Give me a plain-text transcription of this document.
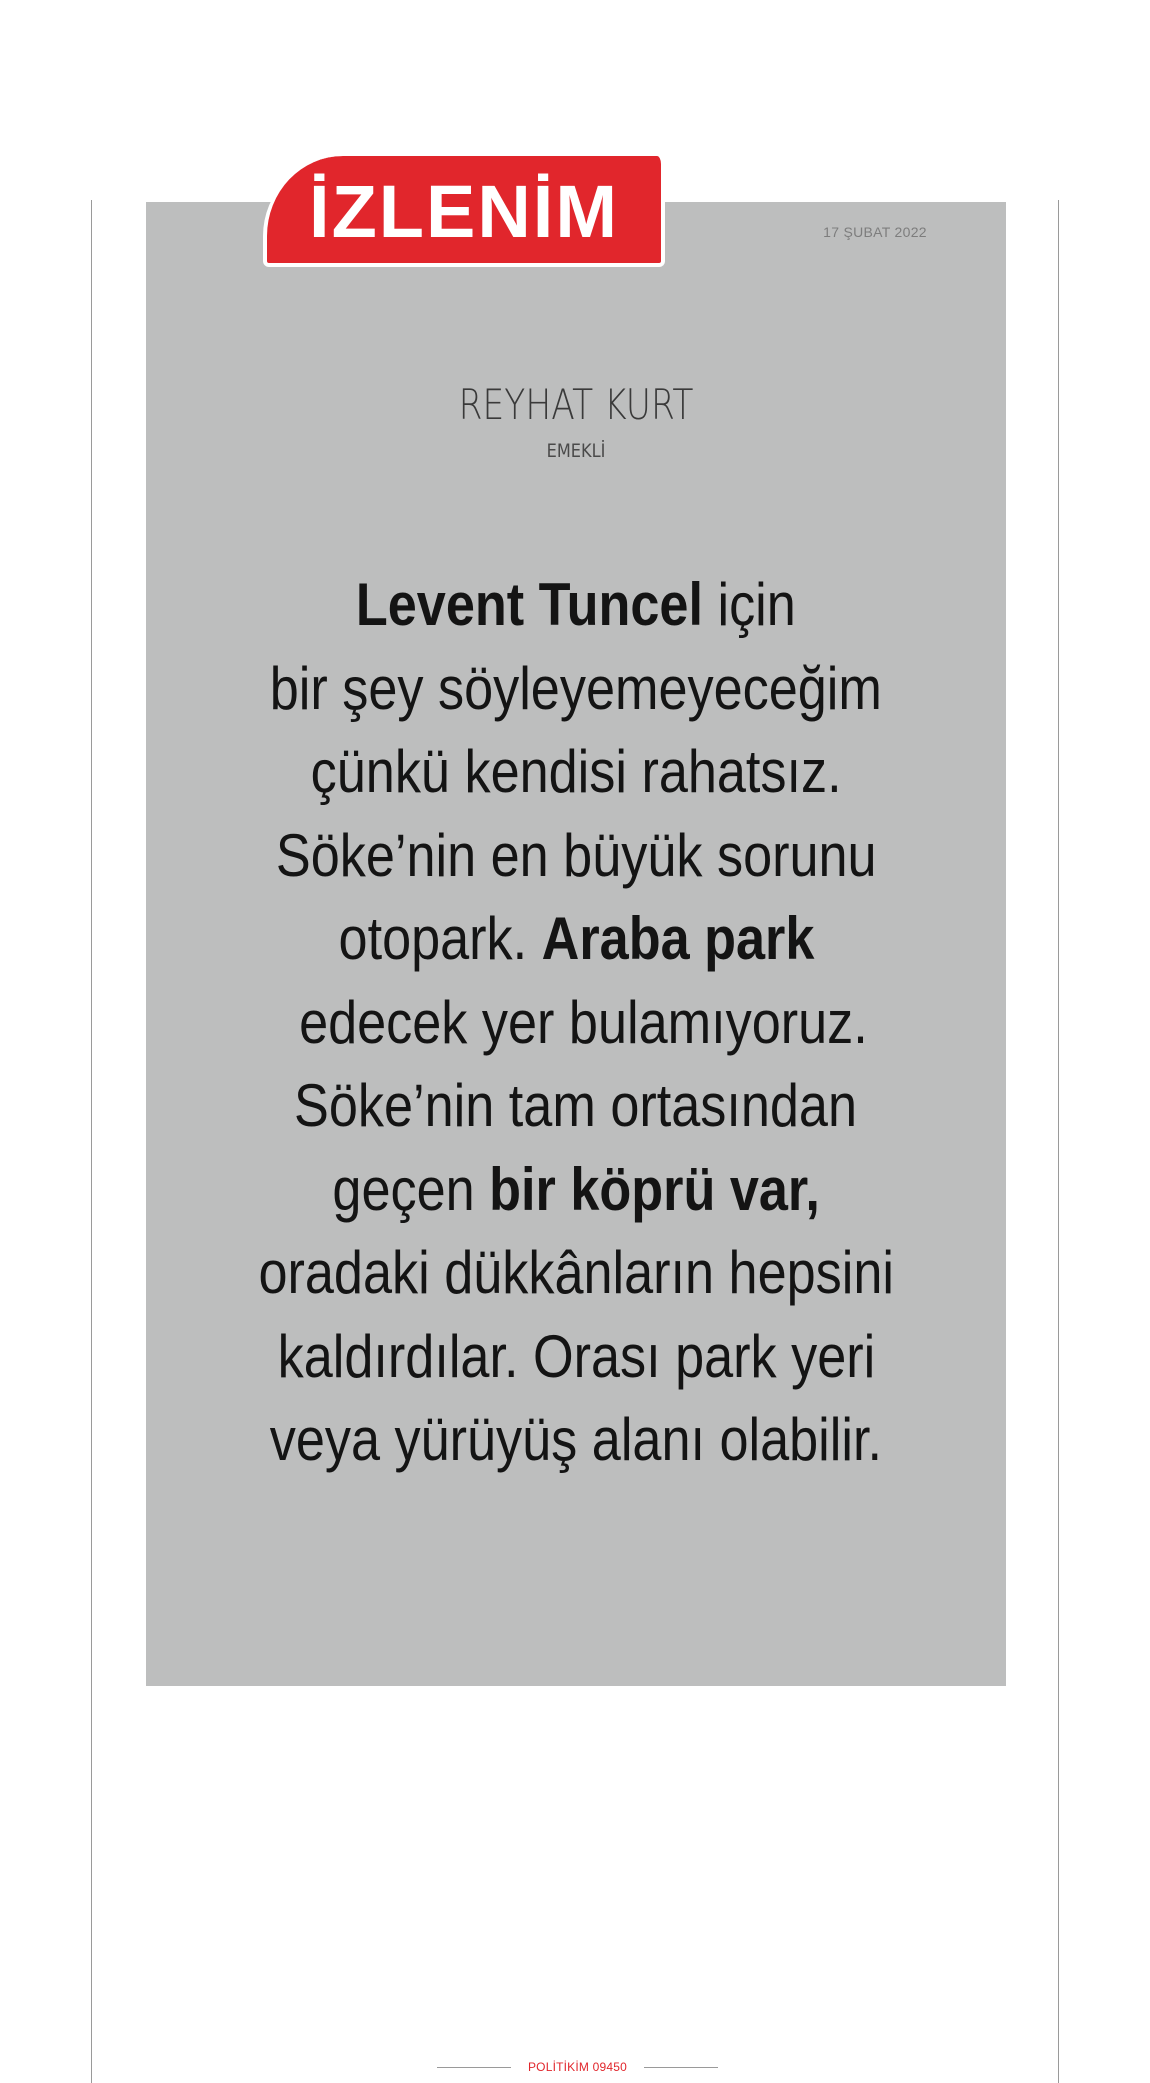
İZLENİM	17 ŞUBAT 2022
REYHAT KURT
EMEKLİ
Levent Tuncel için
bir şey söyleyemeyeceğim
çünkü kendisi rahatsız.
Söke’nin en büyük sorunu
otopark. Araba park
edecek yer bulamıyoruz.
Söke’nin tam ortasından
geçen bir köprü var,
oradaki dükkânların hepsini
kaldırdılar. Orası park yeri
veya yürüyüş alanı olabilir.
POLİTİKİM 09450
